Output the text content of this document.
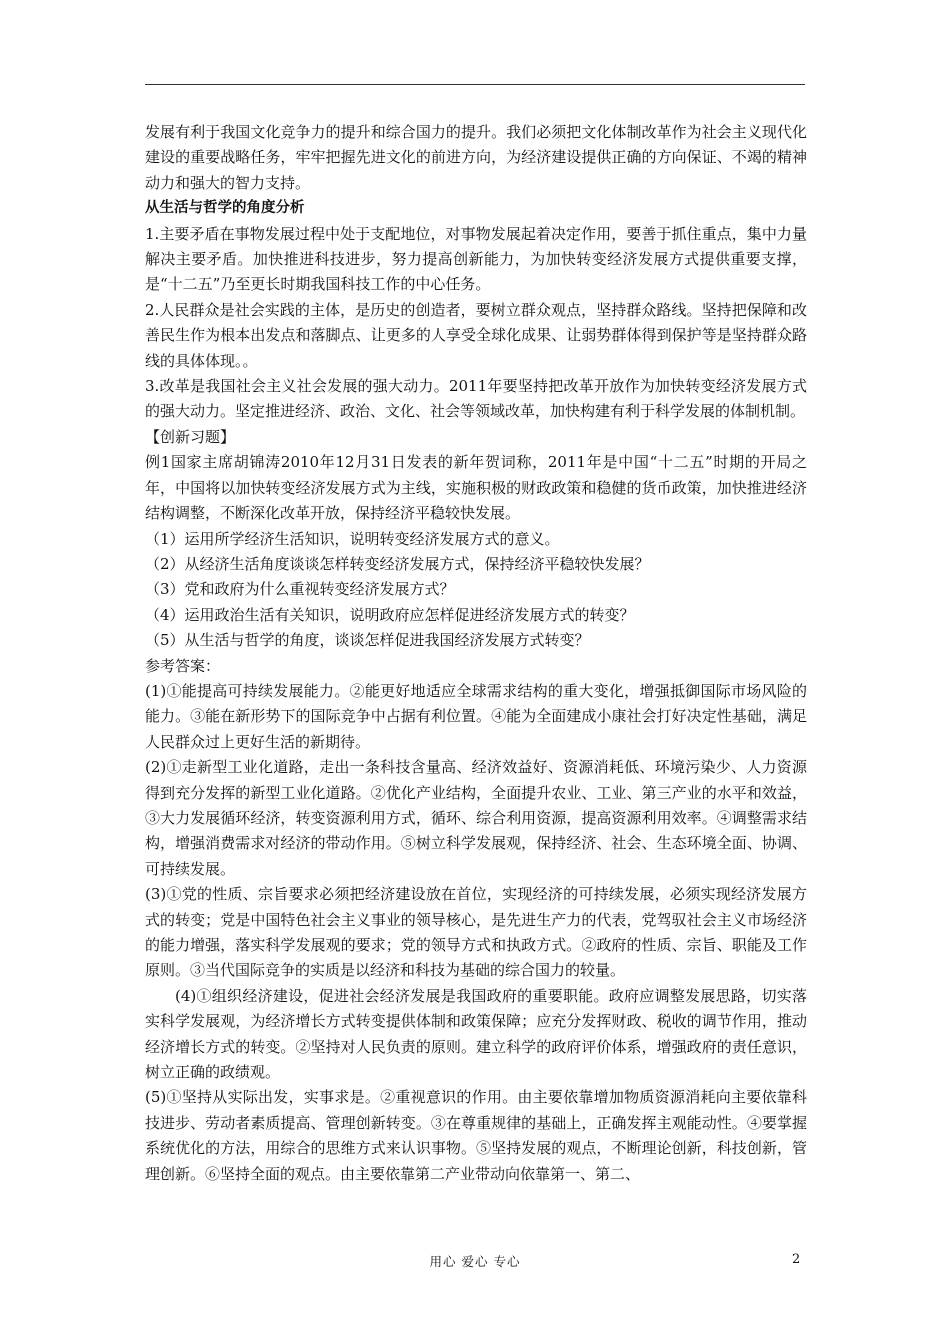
发展有利于我国文化竞争力的提升和综合国力的提升。我们必须把文化体制改革作为社会主义现代化建设的重要战略任务，牢牢把握先进文化的前进方向，为经济建设提供正确的方向保证、不竭的精神动力和强大的智力支持。

从生活与哲学的角度分析

1.主要矛盾在事物发展过程中处于支配地位，对事物发展起着决定作用，要善于抓住重点，集中力量解决主要矛盾。加快推进科技进步，努力提高创新能力，为加快转变经济发展方式提供重要支撑，是“十二五”乃至更长时期我国科技工作的中心任务。

2.人民群众是社会实践的主体，是历史的创造者，要树立群众观点，坚持群众路线。坚持把保障和改善民生作为根本出发点和落脚点、让更多的人享受全球化成果、让弱势群体得到保护等是坚持群众路线的具体体现。。

3.改革是我国社会主义社会发展的强大动力。2011年要坚持把改革开放作为加快转变经济发展方式的强大动力。坚定推进经济、政治、文化、社会等领域改革，加快构建有利于科学发展的体制机制。

【创新习题】

例1国家主席胡锦涛2010年12月31日发表的新年贺词称，2011年是中国“十二五”时期的开局之年，中国将以加快转变经济发展方式为主线，实施积极的财政政策和稳健的货币政策，加快推进经济结构调整，不断深化改革开放，保持经济平稳较快发展。

（1）运用所学经济生活知识，说明转变经济发展方式的意义。

（2）从经济生活角度谈谈怎样转变经济发展方式，保持经济平稳较快发展？

（3）党和政府为什么重视转变经济发展方式？

（4）运用政治生活有关知识，说明政府应怎样促进经济发展方式的转变？

（5）从生活与哲学的角度，谈谈怎样促进我国经济发展方式转变？

参考答案：

(1)①能提高可持续发展能力。②能更好地适应全球需求结构的重大变化，增强抵御国际市场风险的能力。③能在新形势下的国际竞争中占据有利位置。④能为全面建成小康社会打好决定性基础，满足人民群众过上更好生活的新期待。

(2)①走新型工业化道路，走出一条科技含量高、经济效益好、资源消耗低、环境污染少、人力资源得到充分发挥的新型工业化道路。②优化产业结构，全面提升农业、工业、第三产业的水平和效益，③大力发展循环经济，转变资源利用方式，循环、综合利用资源，提高资源利用效率。④调整需求结构，增强消费需求对经济的带动作用。⑤树立科学发展观，保持经济、社会、生态环境全面、协调、可持续发展。

(3)①党的性质、宗旨要求必须把经济建设放在首位，实现经济的可持续发展，必须实现经济发展方式的转变；党是中国特色社会主义事业的领导核心，是先进生产力的代表，党驾驭社会主义市场经济的能力增强，落实科学发展观的要求；党的领导方式和执政方式。②政府的性质、宗旨、职能及工作原则。③当代国际竞争的实质是以经济和科技为基础的综合国力的较量。

(4)①组织经济建设，促进社会经济发展是我国政府的重要职能。政府应调整发展思路，切实落实科学发展观，为经济增长方式转变提供体制和政策保障；应充分发挥财政、税收的调节作用，推动经济增长方式的转变。②坚持对人民负责的原则。建立科学的政府评价体系，增强政府的责任意识，树立正确的政绩观。

(5)①坚持从实际出发，实事求是。②重视意识的作用。由主要依靠增加物质资源消耗向主要依靠科技进步、劳动者素质提高、管理创新转变。③在尊重规律的基础上，正确发挥主观能动性。④要掌握系统优化的方法，用综合的思维方式来认识事物。⑤坚持发展的观点，不断理论创新，科技创新，管理创新。⑥坚持全面的观点。由主要依靠第二产业带动向依靠第一、第二、

用心 爱心 专心	2
